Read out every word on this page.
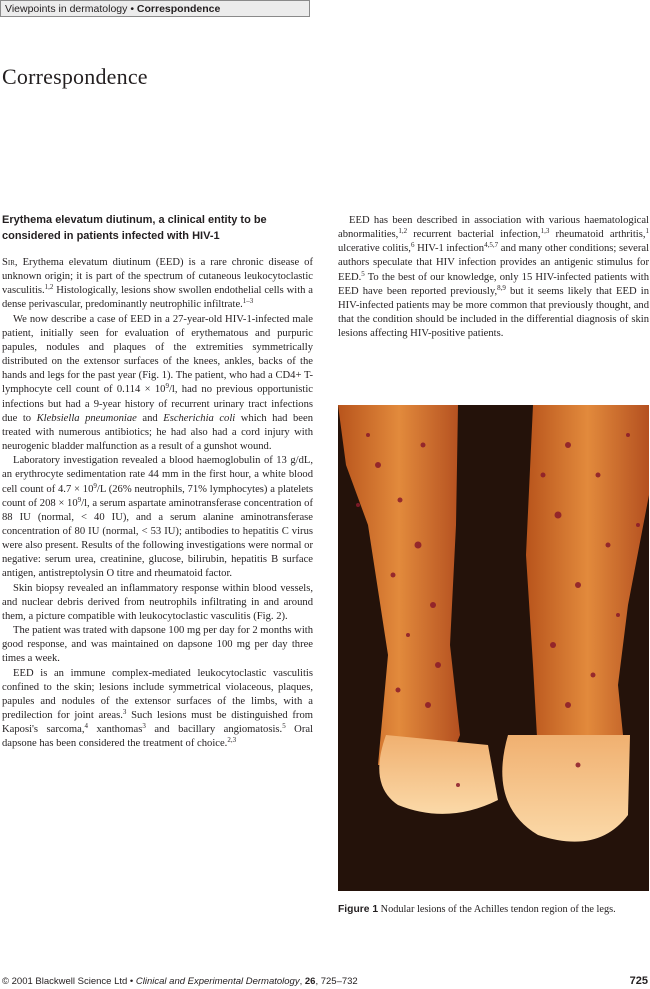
Viewpoints in dermatology • Correspondence
Correspondence
Erythema elevatum diutinum, a clinical entity to be considered in patients infected with HIV-1

Sir, Erythema elevatum diutinum (EED) is a rare chronic disease of unknown origin; it is part of the spectrum of cutaneous leukocytoclastic vasculitis.$^{1,2}$ Histologically, lesions show swollen endothelial cells with a dense perivascular, predominantly neutrophilic infiltrate.$^{1-3}$

We now describe a case of EED in a 27-year-old HIV-1-infected male patient, initially seen for evaluation of erythematous and purpuric papules, nodules and plaques of the extremities symmetrically distributed on the extensor surfaces of the knees, ankles, backs of the hands and legs for the past year (Fig. 1). The patient, who had a CD4+ T-lymphocyte cell count of $0.114 \times 10^9/l$, had no previous opportunistic infections but had a 9-year history of recurrent urinary tract infections due to Klebsiella pneumoniae and Escherichia coli which had been treated with numerous antibiotics; he had also had a cord injury with neurogenic bladder malfunction as a result of a gunshot wound.

Laboratory investigation revealed a blood haemoglobulin of 13 g/dL, an erythrocyte sedimentation rate 44 mm in the first hour, a white blood cell count of $4.7 \times 10^9/L$ (26% neutrophils, 71% lymphocytes) a platelets count of $208 \times 10^9/l$, a serum aspartate aminotransferase concentration of 88 IU (normal, < 40 IU), and a serum alanine aminotransferase concentration of 80 IU (normal, < 53 IU); antibodies to hepatitis C virus were also present. Results of the following investigations were normal or negative: serum urea, creatinine, glucose, bilirubin, hepatitis B surface antigen, antistreptolysin O titre and rheumatoid factor.

Skin biopsy revealed an inflammatory response within blood vessels, and nuclear debris derived from neutrophils infiltrating in and around them, a picture compatible with leukocytoclastic vasculitis (Fig. 2).

The patient was trated with dapsone 100 mg per day for 2 months with good response, and was maintained on dapsone 100 mg per day three times a week.

EED is an immune complex-mediated leukocytoclastic vasculitis confined to the skin; lesions include symmetrical violaceous, plaques, papules and nodules of the extensor surfaces of the limbs, with a predilection for joint areas.$^3$ Such lesions must be distinguished from Kaposi's sarcoma,$^4$ xanthomas$^3$ and bacillary angiomatosis.$^5$ Oral dapsone has been considered the treatment of choice.$^{2,3}$

EED has been described in association with various haematological abnormalities,$^{1,2}$ recurrent bacterial infection,$^{1,3}$ rheumatoid arthritis,$^1$ ulcerative colitis,$^6$ HIV-1 infection$^{4,5,7}$ and many other conditions; several authors speculate that HIV infection provides an antigenic stimulus for EED.$^5$ To the best of our knowledge, only 15 HIV-infected patients with EED have been reported previously,$^{8,9}$ but it seems likely that EED in HIV-infected patients may be more common that previously thought, and that the condition should be included in the differential diagnosis of skin lesions affecting HIV-positive patients.

Figure 1 Nodular lesions of the Achilles tendon region of the legs.
© 2001 Blackwell Science Ltd • Clinical and Experimental Dermatology, 26, 725–732	725
